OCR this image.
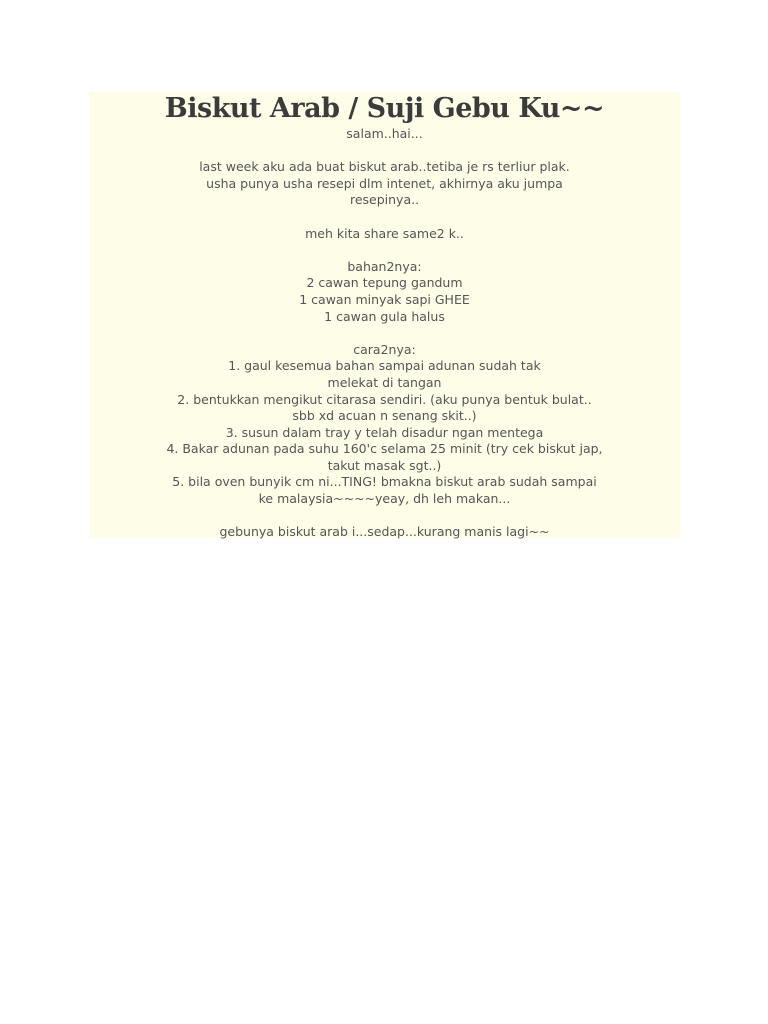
Biskut Arab / Suji Gebu Ku~~
salam..hai...
last week aku ada buat biskut arab..tetiba je rs terliur plak.
usha punya usha resepi dlm intenet, akhirnya aku jumpa
resepinya..
meh kita share same2 k..
bahan2nya:
2 cawan tepung gandum
1 cawan minyak sapi GHEE
1 cawan gula halus
cara2nya:
1. gaul kesemua bahan sampai adunan sudah tak
melekat di tangan
2. bentukkan mengikut citarasa sendiri. (aku punya bentuk bulat..
sbb xd acuan n senang skit..)
3. susun dalam tray y telah disadur ngan mentega
4. Bakar adunan pada suhu 160'c selama 25 minit (try cek biskut jap,
takut masak sgt..)
5. bila oven bunyik cm ni...TING! bmakna biskut arab sudah sampai
ke malaysia~~~~yeay, dh leh makan...
gebunya biskut arab i...sedap...kurang manis lagi~~
